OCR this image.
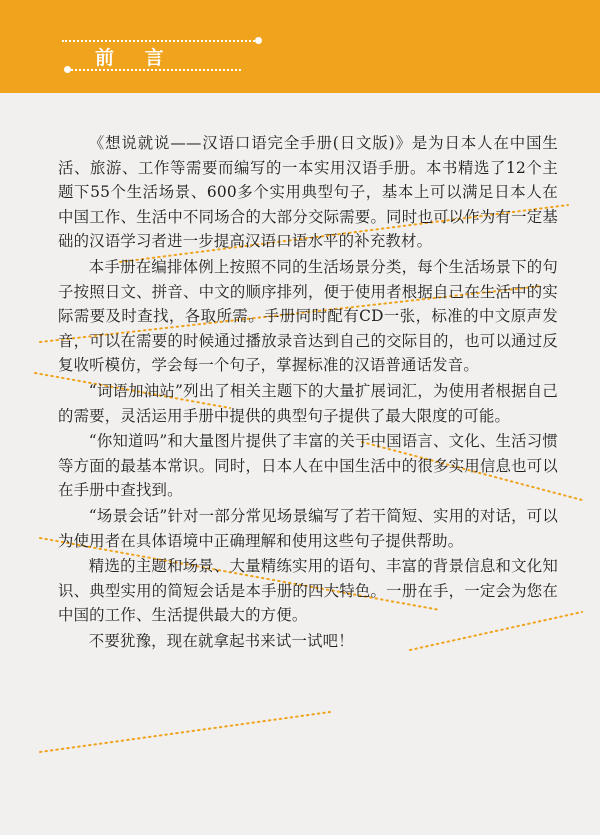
前 言

《想说就说——汉语口语完全手册(日文版)》是为日本人在中国生活、旅游、工作等需要而编写的一本实用汉语手册。本书精选了12个主题下55个生活场景、600多个实用典型句子，基本上可以满足日本人在中国工作、生活中不同场合的大部分交际需要。同时也可以作为有一定基础的汉语学习者进一步提高汉语口语水平的补充教材。

本手册在编排体例上按照不同的生活场景分类，每个生活场景下的句子按照日文、拼音、中文的顺序排列，便于使用者根据自己在生活中的实际需要及时查找，各取所需。手册同时配有CD一张，标准的中文原声发音，可以在需要的时候通过播放录音达到自己的交际目的，也可以通过反复收听模仿，学会每一个句子，掌握标准的汉语普通话发音。

“词语加油站”列出了相关主题下的大量扩展词汇，为使用者根据自己的需要，灵活运用手册中提供的典型句子提供了最大限度的可能。

“你知道吗”和大量图片提供了丰富的关于中国语言、文化、生活习惯等方面的最基本常识。同时，日本人在中国生活中的很多实用信息也可以在手册中查找到。

“场景会话”针对一部分常见场景编写了若干简短、实用的对话，可以为使用者在具体语境中正确理解和使用这些句子提供帮助。

精选的主题和场景、大量精练实用的语句、丰富的背景信息和文化知识、典型实用的简短会话是本手册的四大特色。一册在手，一定会为您在中国的工作、生活提供最大的方便。

不要犹豫，现在就拿起书来试一试吧！
